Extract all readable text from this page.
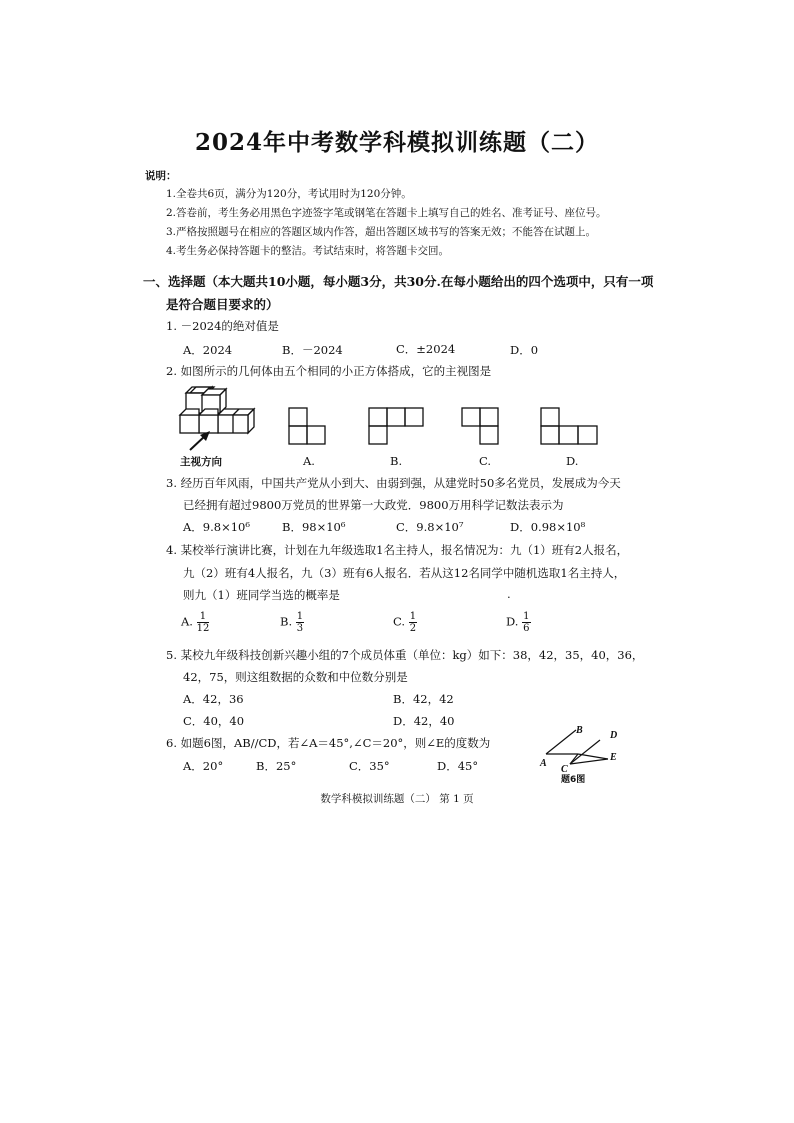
2024年中考数学科模拟训练题（二）
说明：
1.全卷共6页，满分为120分，考试用时为120分钟。
2.答卷前，考生务必用黑色字迹签字笔或钢笔在答题卡上填写自己的姓名、准考证号、座位号。
3.严格按照题号在相应的答题区域内作答，超出答题区域书写的答案无效；不能答在试题上。
4.考生务必保持答题卡的整洁。考试结束时，将答题卡交回。
一、选择题（本大题共10小题，每小题3分，共30分.在每小题给出的四个选项中，只有一项
是符合题目要求的）
1. －2024的绝对值是
A．2024	B．－2024	C．±2024	D．0
2. 如图所示的几何体由五个相同的小正方体搭成，它的主视图是
主视方向	A.	B.	C.	D.
3. 经历百年风雨，中国共产党从小到大、由弱到强，从建党时50多名党员，发展成为今天
已经拥有超过9800万党员的世界第一大政党．9800万用科学记数法表示为
A．9.8×10⁶	B．98×10⁶	C．9.8×10⁷	D．0.98×10⁸
4. 某校举行演讲比赛，计划在九年级选取1名主持人，报名情况为：九（1）班有2人报名，
九（2）班有4人报名，九（3）班有6人报名．若从这12名同学中随机选取1名主持人，
则九（1）班同学当选的概率是	.
A. $\frac{1}{12}$	B. $\frac{1}{3}$	C. $\frac{1}{2}$	D. $\frac{1}{6}$
5. 某校九年级科技创新兴趣小组的7个成员体重（单位：kg）如下：38，42，35，40，36，
42，75，则这组数据的众数和中位数分别是
A．42，36	B．42，42
C．40，40	D．42，40
6. 如题6图，AB//CD，若∠A＝45°,∠C＝20°，则∠E的度数为
A．20°	B．25°	C．35°	D．45°	A
B
C
D
E
题6图
数学科模拟训练题（二） 第 1 页
